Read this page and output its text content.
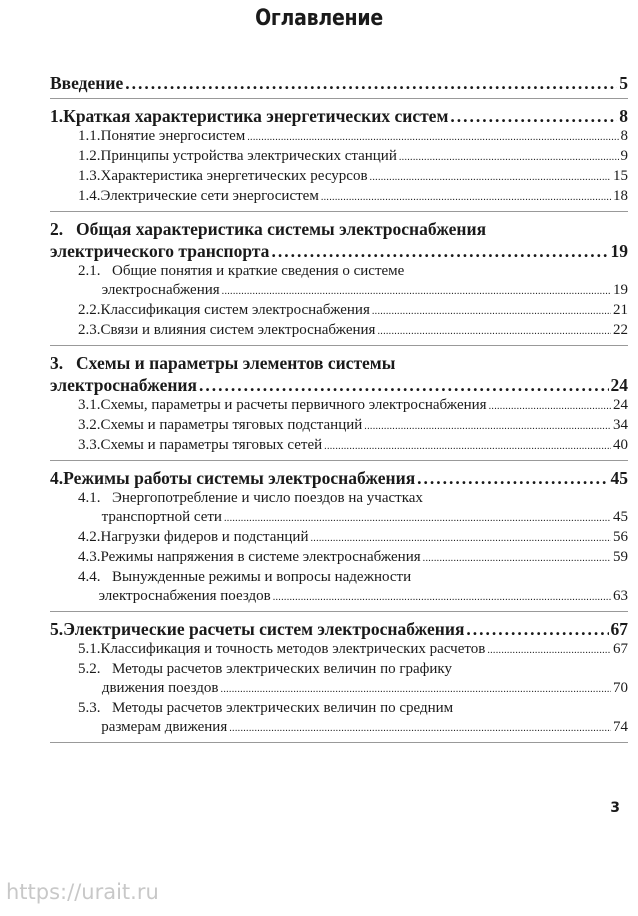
Оглавление
Введение .....	5
1. Краткая характеристика энергетических систем .....	8
1.1. Понятие энергосистем .....	8
1.2. Принципы устройства электрических станций .....	9
1.3. Характеристика энергетических ресурсов .....	15
1.4. Электрические сети энергосистем .....	18
2. Общая характеристика системы электроснабжения
электрического транспорта .....	19
2.1. Общие понятия и краткие сведения о системе
электроснабжения .....	19
2.2. Классификация систем электроснабжения .....	21
2.3. Связи и влияния систем электроснабжения .....	22
3. Схемы и параметры элементов системы
электроснабжения .....	24
3.1. Схемы, параметры и расчеты первичного электроснабжения .....	24
3.2. Схемы и параметры тяговых подстанций .....	34
3.3. Схемы и параметры тяговых сетей .....	40
4. Режимы работы системы электроснабжения .....	45
4.1. Энергопотребление и число поездов на участках
транспортной сети .....	45
4.2. Нагрузки фидеров и подстанций .....	56
4.3. Режимы напряжения в системе электроснабжения .....	59
4.4. Вынужденные режимы и вопросы надежности
электроснабжения поездов .....	63
5. Электрические расчеты систем электроснабжения .....	67
5.1. Классификация и точность методов электрических расчетов .....	67
5.2. Методы расчетов электрических величин по графику
движения поездов .....	70
5.3. Методы расчетов электрических величин по средним
размерам движения .....	74
3
https://urait.ru
